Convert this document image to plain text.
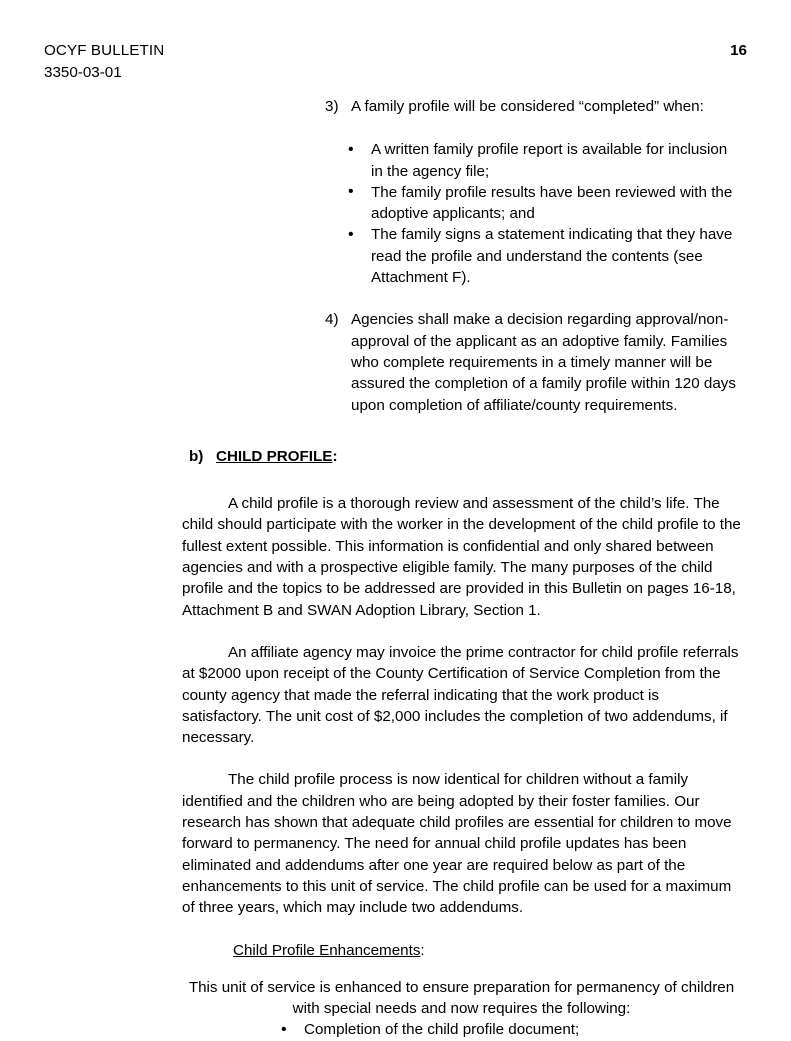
OCYF BULLETIN
3350-03-01
16
3) A family profile will be considered “completed” when:
• A written family profile report is available for inclusion in the agency file;
• The family profile results have been reviewed with the adoptive applicants; and
• The family signs a statement indicating that they have read the profile and understand the contents (see Attachment F).
4) Agencies shall make a decision regarding approval/non-approval of the applicant as an adoptive family. Families who complete requirements in a timely manner will be assured the completion of a family profile within 120 days upon completion of affiliate/county requirements.
b) CHILD PROFILE:

A child profile is a thorough review and assessment of the child’s life. The child should participate with the worker in the development of the child profile to the fullest extent possible. This information is confidential and only shared between agencies and with a prospective eligible family. The many purposes of the child profile and the topics to be addressed are provided in this Bulletin on pages 16-18, Attachment B and SWAN Adoption Library, Section 1.

An affiliate agency may invoice the prime contractor for child profile referrals at $2000 upon receipt of the County Certification of Service Completion from the county agency that made the referral indicating that the work product is satisfactory. The unit cost of $2,000 includes the completion of two addendums, if necessary.

The child profile process is now identical for children without a family identified and the children who are being adopted by their foster families. Our research has shown that adequate child profiles are essential for children to move forward to permanency. The need for annual child profile updates has been eliminated and addendums after one year are required below as part of the enhancements to this unit of service. The child profile can be used for a maximum of three years, which may include two addendums.

Child Profile Enhancements:

This unit of service is enhanced to ensure preparation for permanency of children with special needs and now requires the following:

• Completion of the child profile document;
